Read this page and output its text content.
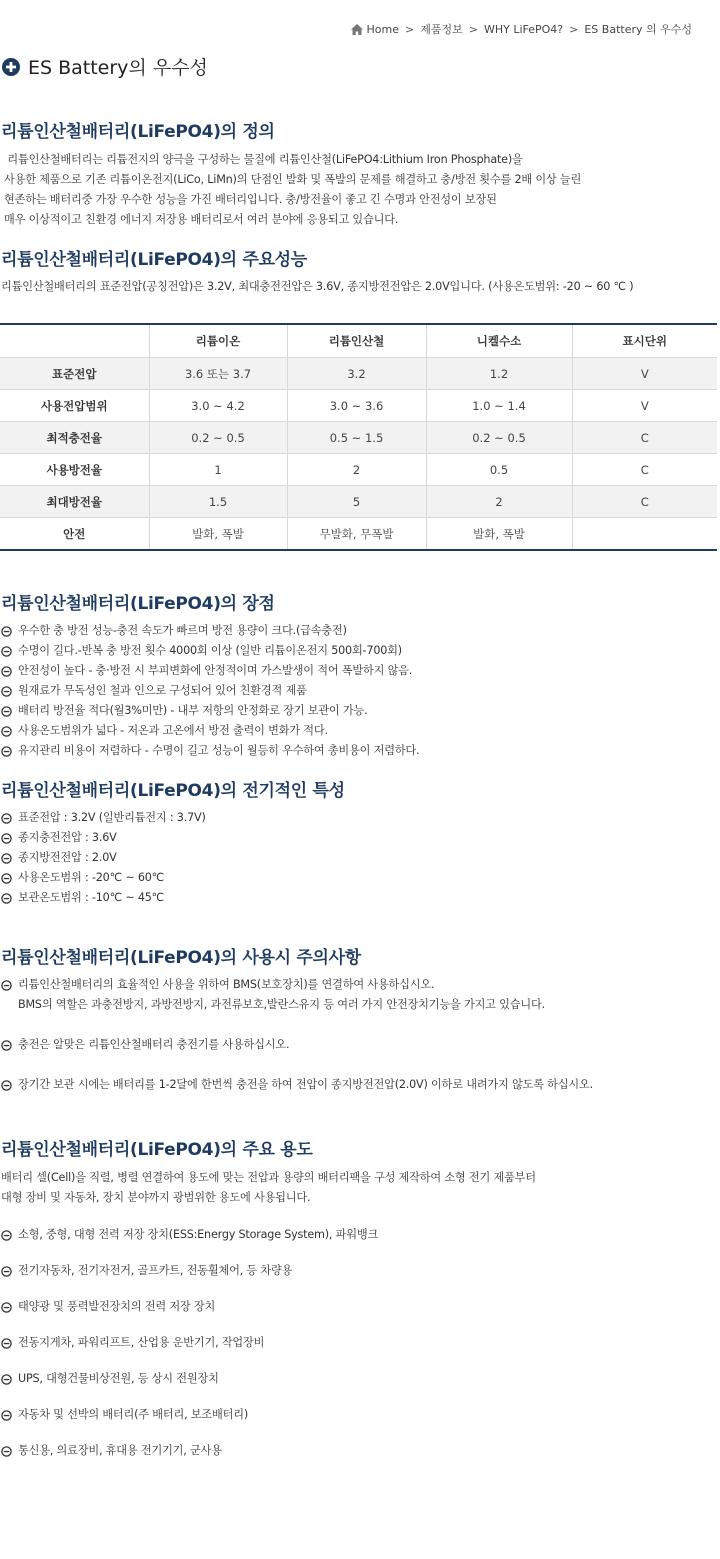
Home > 제품정보 > WHY LiFePO4? > ES Battery 의 우수성
ES Battery의 우수성
리튬인산철배터리(LiFePO4)의 정의
리튬인산철배터리는 리튬전지의 양극을 구성하는 물질에 리튬인산철(LiFePO4:Lithium Iron Phosphate)을
사용한 제품으로 기존 리튬이온전지(LiCo, LiMn)의 단점인 발화 및 폭발의 문제를 해결하고 충/방전 횟수를 2배 이상 늘린
현존하는 배터리중 가장 우수한 성능을 가진 배터리입니다. 충/방전율이 좋고 긴 수명과 안전성이 보장된
매우 이상적이고 친환경 에너지 저장용 배터리로서 여러 분야에 응용되고 있습니다.
리튬인산철배터리(LiFePO4)의 주요성능
리튬인산철배터리의 표준전압(공칭전압)은 3.2V, 최대충전전압은 3.6V, 종지방전전압은 2.0V입니다. (사용온도범위: -20 ~ 60 ℃ )
	리튬이온	리튬인산철	니켈수소	표시단위
표준전압	3.6 또는 3.7	3.2	1.2	V
사용전압범위	3.0 ~ 4.2	3.0 ~ 3.6	1.0 ~ 1.4	V
최적충전율	0.2 ~ 0.5	0.5 ~ 1.5	0.2 ~ 0.5	C
사용방전율	1	2	0.5	C
최대방전율	1.5	5	2	C
안전	발화, 폭발	무발화, 무폭발	발화, 폭발	
리튬인산철배터리(LiFePO4)의 장점
우수한 충 방전 성능-충전 속도가 빠르며 방전 용량이 크다.(급속충전)
수명이 길다.-반복 충 방전 횟수 4000회 이상 (일반 리튬이온전지 500회-700회)
안전성이 높다 - 충·방전 시 부피변화에 안정적이며 가스발생이 적어 폭발하지 않음.
원재료가 무독성인 철과 인으로 구성되어 있어 친환경적 제품
배터리 방전율 적다(월3%미만) - 내부 저항의 안정화로 장기 보관이 가능.
사용온도범위가 넓다 - 저온과 고온에서 방전 출력이 변화가 적다.
유지관리 비용이 저렴하다 - 수명이 길고 성능이 월등히 우수하여 총비용이 저렴하다.
리튬인산철배터리(LiFePO4)의 전기적인 특성
표준전압 : 3.2V (일반리튬전지 : 3.7V)
종지충전전압 : 3.6V
종지방전전압 : 2.0V
사용온도범위 : -20℃ ~ 60℃
보관온도범위 : -10℃ ~ 45℃
리튬인산철배터리(LiFePO4)의 사용시 주의사항
리튬인산철배터리의 효율적인 사용을 위하여 BMS(보호장치)를 연결하여 사용하십시오.
BMS의 역할은 과충전방지, 과방전방지, 과전류보호,발란스유지 등 여러 가지 안전장치기능을 가지고 있습니다.
충전은 알맞은 리튬인산철배터리 충전기를 사용하십시오.
장기간 보관 시에는 배터리를 1-2달에 한번씩 충전을 하여 전압이 종지방전전압(2.0V) 이하로 내려가지 않도록 하십시오.
리튬인산철배터리(LiFePO4)의 주요 용도
배터리 셀(Cell)을 직렬, 병렬 연결하여 용도에 맞는 전압과 용량의 배터리팩을 구성 제작하여 소형 전기 제품부터
대형 장비 및 자동차, 장치 분야까지 광범위한 용도에 사용됩니다.
소형, 중형, 대형 전력 저장 장치(ESS:Energy Storage System), 파워뱅크
전기자동차, 전기자전거, 골프카트, 전동휠체어, 등 차량용
태양광 및 풍력발전장치의 전력 저장 장치
전동지게차, 파워리프트, 산업용 운반기기, 작업장비
UPS, 대형건물비상전원, 등 상시 전원장치
자동차 및 선박의 배터리(주 배터리, 보조배터리)
통신용, 의료장비, 휴대용 전기기기, 군사용
